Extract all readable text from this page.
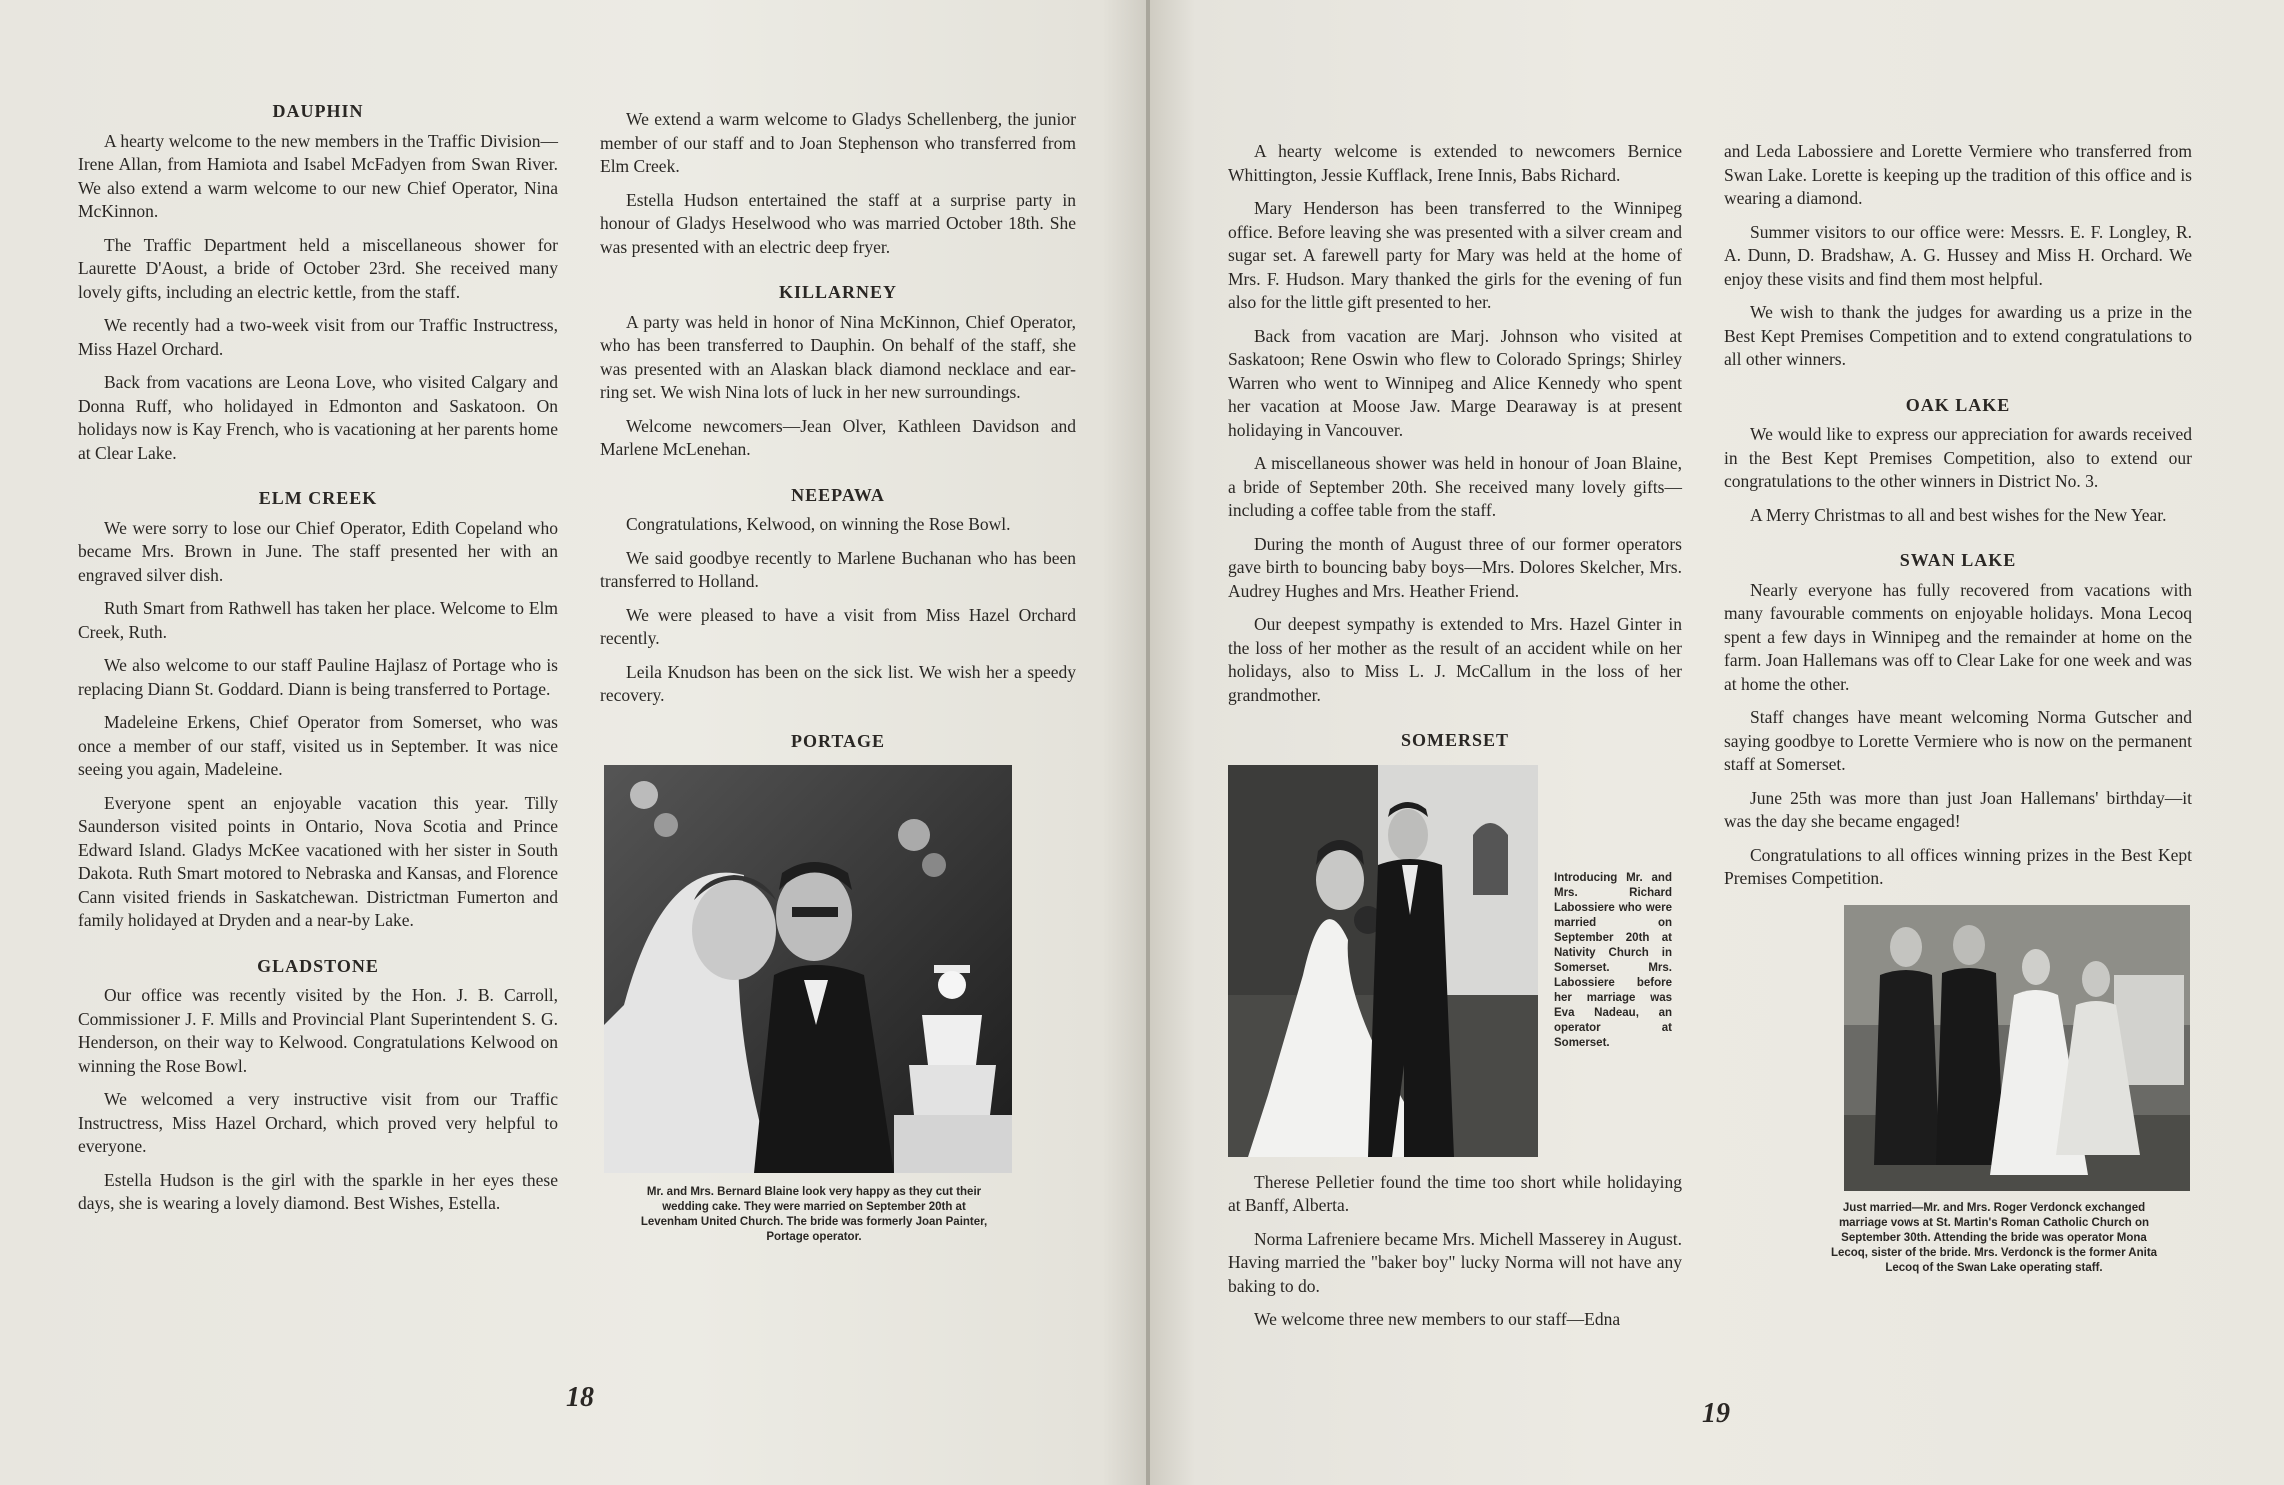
DAUPHIN

A hearty welcome to the new members in the Traffic Division—Irene Allan, from Hamiota and Isabel McFadyen from Swan River. We also extend a warm welcome to our new Chief Operator, Nina McKinnon.

The Traffic Department held a miscellaneous shower for Laurette D'Aoust, a bride of October 23rd. She received many lovely gifts, including an electric kettle, from the staff.

We recently had a two-week visit from our Traffic Instructress, Miss Hazel Orchard.

Back from vacations are Leona Love, who visited Calgary and Donna Ruff, who holidayed in Edmonton and Saskatoon. On holidays now is Kay French, who is vacationing at her parents home at Clear Lake.

ELM CREEK

We were sorry to lose our Chief Operator, Edith Copeland who became Mrs. Brown in June. The staff presented her with an engraved silver dish.

Ruth Smart from Rathwell has taken her place. Welcome to Elm Creek, Ruth.

We also welcome to our staff Pauline Hajlasz of Portage who is replacing Diann St. Goddard. Diann is being transferred to Portage.

Madeleine Erkens, Chief Operator from Somerset, who was once a member of our staff, visited us in September. It was nice seeing you again, Madeleine.

Everyone spent an enjoyable vacation this year. Tilly Saunderson visited points in Ontario, Nova Scotia and Prince Edward Island. Gladys McKee vacationed with her sister in South Dakota. Ruth Smart motored to Nebraska and Kansas, and Florence Cann visited friends in Saskatchewan. Districtman Fumerton and family holidayed at Dryden and a near-by Lake.

GLADSTONE

Our office was recently visited by the Hon. J. B. Carroll, Commissioner J. F. Mills and Provincial Plant Superintendent S. G. Henderson, on their way to Kelwood. Congratulations Kelwood on winning the Rose Bowl.

We welcomed a very instructive visit from our Traffic Instructress, Miss Hazel Orchard, which proved very helpful to everyone.

Estella Hudson is the girl with the sparkle in her eyes these days, she is wearing a lovely diamond. Best Wishes, Estella.

We extend a warm welcome to Gladys Schellenberg, the junior member of our staff and to Joan Stephenson who transferred from Elm Creek.

Estella Hudson entertained the staff at a surprise party in honour of Gladys Heselwood who was married October 18th. She was presented with an electric deep fryer.

KILLARNEY

A party was held in honor of Nina McKinnon, Chief Operator, who has been transferred to Dauphin. On behalf of the staff, she was presented with an Alaskan black diamond necklace and ear-ring set. We wish Nina lots of luck in her new surroundings.

Welcome newcomers—Jean Olver, Kathleen Davidson and Marlene McLenehan.

NEEPAWA

Congratulations, Kelwood, on winning the Rose Bowl.

We said goodbye recently to Marlene Buchanan who has been transferred to Holland.

We were pleased to have a visit from Miss Hazel Orchard recently.

Leila Knudson has been on the sick list. We wish her a speedy recovery.

PORTAGE
Mr. and Mrs. Bernard Blaine look very happy as they cut their wedding cake. They were married on September 20th at Levenham United Church. The bride was formerly Joan Painter, Portage operator.
18

A hearty welcome is extended to newcomers Bernice Whittington, Jessie Kufflack, Irene Innis, Babs Richard.

Mary Henderson has been transferred to the Winnipeg office. Before leaving she was presented with a silver cream and sugar set. A farewell party for Mary was held at the home of Mrs. F. Hudson. Mary thanked the girls for the evening of fun also for the little gift presented to her.

Back from vacation are Marj. Johnson who visited at Saskatoon; Rene Oswin who flew to Colorado Springs; Shirley Warren who went to Winnipeg and Alice Kennedy who spent her vacation at Moose Jaw. Marge Dearaway is at present holidaying in Vancouver.

A miscellaneous shower was held in honour of Joan Blaine, a bride of September 20th. She received many lovely gifts—including a coffee table from the staff.

During the month of August three of our former operators gave birth to bouncing baby boys—Mrs. Dolores Skelcher, Mrs. Audrey Hughes and Mrs. Heather Friend.

Our deepest sympathy is extended to Mrs. Hazel Ginter in the loss of her mother as the result of an accident while on her holidays, also to Miss L. J. McCallum in the loss of her grandmother.

SOMERSET
Introducing Mr. and Mrs. Richard Labossiere who were married on September 20th at Nativity Church in Somerset. Mrs. Labossiere before her marriage was Eva Nadeau, an operator at Somerset.

Therese Pelletier found the time too short while holidaying at Banff, Alberta.

Norma Lafreniere became Mrs. Michell Masserey in August. Having married the "baker boy" lucky Norma will not have any baking to do.

We welcome three new members to our staff—Edna

and Leda Labossiere and Lorette Vermiere who transferred from Swan Lake. Lorette is keeping up the tradition of this office and is wearing a diamond.

Summer visitors to our office were: Messrs. E. F. Longley, R. A. Dunn, D. Bradshaw, A. G. Hussey and Miss H. Orchard. We enjoy these visits and find them most helpful.

We wish to thank the judges for awarding us a prize in the Best Kept Premises Competition and to extend congratulations to all other winners.

OAK LAKE

We would like to express our appreciation for awards received in the Best Kept Premises Competition, also to extend our congratulations to the other winners in District No. 3.

A Merry Christmas to all and best wishes for the New Year.

SWAN LAKE

Nearly everyone has fully recovered from vacations with many favourable comments on enjoyable holidays. Mona Lecoq spent a few days in Winnipeg and the remainder at home on the farm. Joan Hallemans was off to Clear Lake for one week and was at home the other.

Staff changes have meant welcoming Norma Gutscher and saying goodbye to Lorette Vermiere who is now on the permanent staff at Somerset.

June 25th was more than just Joan Hallemans' birthday—it was the day she became engaged!

Congratulations to all offices winning prizes in the Best Kept Premises Competition.

Just married—Mr. and Mrs. Roger Verdonck exchanged marriage vows at St. Martin's Roman Catholic Church on September 30th. Attending the bride was operator Mona Lecoq, sister of the bride. Mrs. Verdonck is the former Anita Lecoq of the Swan Lake operating staff.
19
